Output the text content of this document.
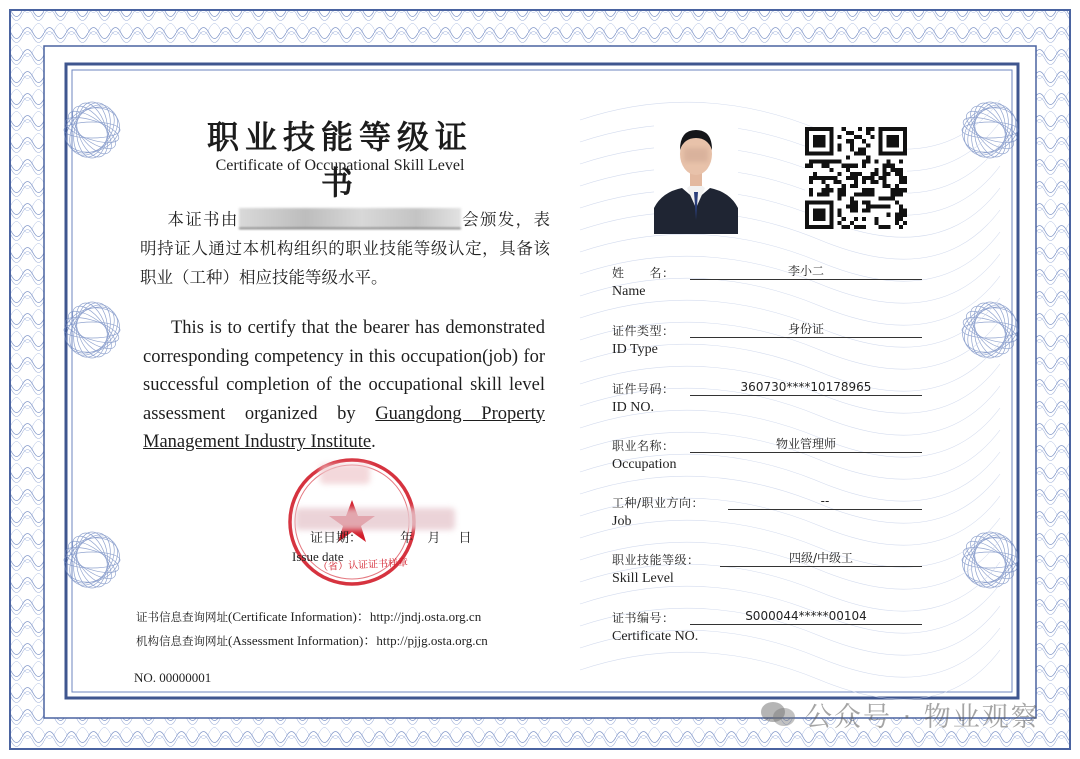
职业技能等级证书
Certificate of Occupational Skill Level
本证书由	会颁发，表明持证人通过本机构组织的职业技能等级认定，具备该职业（工种）相应技能等级水平。
This is to certify that the bearer has demonstrated corresponding competency in this occupation(job) for successful completion of the occupational skill level assessment organized by Guangdong Property Management Industry Institute.
证日期：	年 月 日
Issue date
（省）认证证书样章
证书信息查询网址(Certificate Information)：http://jndj.osta.org.cn
机构信息查询网址(Assessment Information)：http://pjjg.osta.org.cn
NO. 00000001
姓　　名：
Name
李小二
证件类型：
ID Type
身份证
证件号码：
ID NO.
360730****10178965
职业名称：
Occupation
物业管理师
工种/职业方向：
Job
--
职业技能等级：
Skill Level
四级/中级工
证书编号：
Certificate NO.
S000044*****00104
公众号 · 物业观察
